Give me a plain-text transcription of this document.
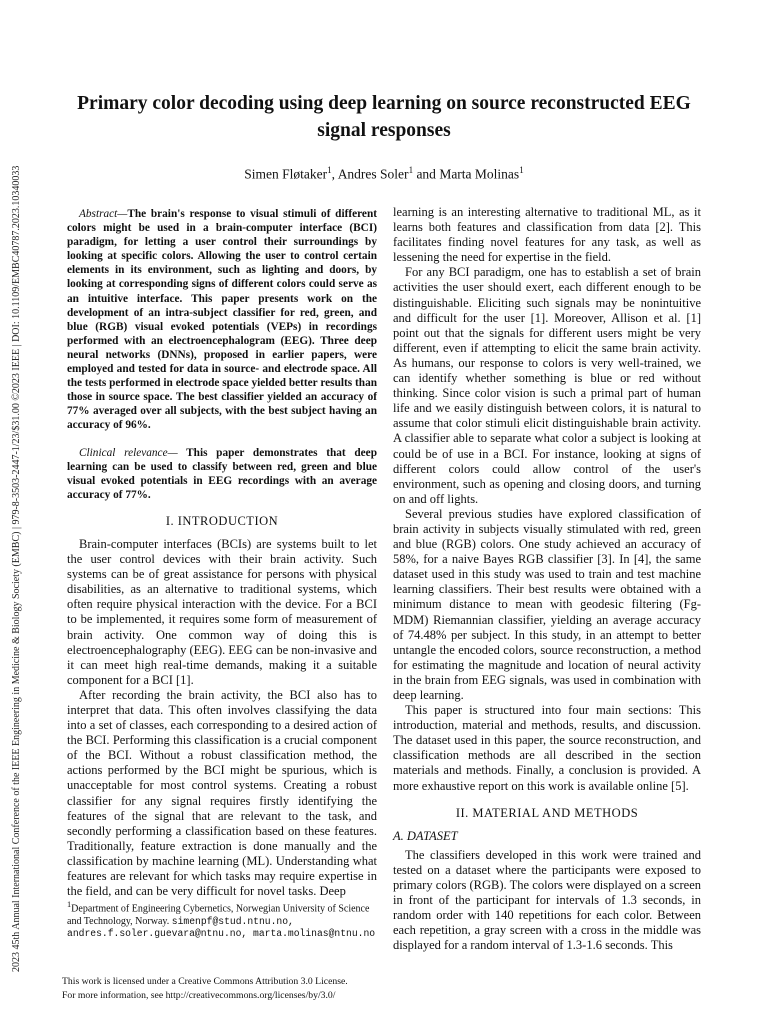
2023 45th Annual International Conference of the IEEE Engineering in Medicine & Biology Society (EMBC) | 979-8-3503-2447-1/23/$31.00 ©2023 IEEE | DOI: 10.1109/EMBC40787.2023.10340033
Primary color decoding using deep learning on source reconstructed EEG signal responses
Simen Fløtaker$^1$, Andres Soler$^1$ and Marta Molinas$^1$

Abstract—The brain's response to visual stimuli of different colors might be used in a brain-computer interface (BCI) paradigm, for letting a user control their surroundings by looking at specific colors. Allowing the user to control certain elements in its environment, such as lighting and doors, by looking at corresponding signs of different colors could serve as an intuitive interface. This paper presents work on the development of an intra-subject classifier for red, green, and blue (RGB) visual evoked potentials (VEPs) in recordings performed with an electroencephalogram (EEG). Three deep neural networks (DNNs), proposed in earlier papers, were employed and tested for data in source- and electrode space. All the tests performed in electrode space yielded better results than those in source space. The best classifier yielded an accuracy of 77% averaged over all subjects, with the best subject having an accuracy of 96%.

Clinical relevance— This paper demonstrates that deep learning can be used to classify between red, green and blue visual evoked potentials in EEG recordings with an average accuracy of 77%.

I. INTRODUCTION

Brain-computer interfaces (BCIs) are systems built to let the user control devices with their brain activity. Such systems can be of great assistance for persons with physical disabilities, as an alternative to traditional systems, which often require physical interaction with the device. For a BCI to be implemented, it requires some form of measurement of brain activity. One common way of doing this is electroencephalography (EEG). EEG can be non-invasive and it can meet high real-time demands, making it a suitable component for a BCI [1].

After recording the brain activity, the BCI also has to interpret that data. This often involves classifying the data into a set of classes, each corresponding to a desired action of the BCI. Performing this classification is a crucial component of the BCI. Without a robust classification method, the actions performed by the BCI might be spurious, which is unacceptable for most control systems. Creating a robust classifier for any signal requires firstly identifying the features of the signal that are relevant to the task, and secondly performing a classification based on these features. Traditionally, feature extraction is done manually and the classification by machine learning (ML). Understanding what features are relevant for which tasks may require expertise in the field, and can be very difficult for novel tasks. Deep

$^1$Department of Engineering Cybernetics, Norwegian University of Science and Technology, Norway. simenpf@stud.ntnu.no, andres.f.soler.guevara@ntnu.no, marta.molinas@ntnu.no
This work is licensed under a Creative Commons Attribution 3.0 License.
For more information, see http://creativecommons.org/licenses/by/3.0/

learning is an interesting alternative to traditional ML, as it learns both features and classification from data [2]. This facilitates finding novel features for any task, as well as lessening the need for expertise in the field.

For any BCI paradigm, one has to establish a set of brain activities the user should exert, each different enough to be distinguishable. Eliciting such signals may be nonintuitive and difficult for the user [1]. Moreover, Allison et al. [1] point out that the signals for different users might be very different, even if attempting to elicit the same brain activity. As humans, our response to colors is very well-trained, we can identify whether something is blue or red without thinking. Since color vision is such a primal part of human life and we easily distinguish between colors, it is natural to assume that color stimuli elicit distinguishable brain activity. A classifier able to separate what color a subject is looking at could be of use in a BCI. For instance, looking at signs of different colors could allow control of the user's environment, such as opening and closing doors, and turning on and off lights.

Several previous studies have explored classification of brain activity in subjects visually stimulated with red, green and blue (RGB) colors. One study achieved an accuracy of 58%, for a naive Bayes RGB classifier [3]. In [4], the same dataset used in this study was used to train and test machine learning classifiers. Their best results were obtained with a minimum distance to mean with geodesic filtering (Fg-MDM) Riemannian classifier, yielding an average accuracy of 74.48% per subject. In this study, in an attempt to better untangle the encoded colors, source reconstruction, a method for estimating the magnitude and location of neural activity in the brain from EEG signals, was used in combination with deep learning.

This paper is structured into four main sections: This introduction, material and methods, results, and discussion. The dataset used in this paper, the source reconstruction, and classification methods are all described in the section materials and methods. Finally, a conclusion is provided. A more exhaustive report on this work is available online [5].

II. MATERIAL AND METHODS
A. DATASET

The classifiers developed in this work were trained and tested on a dataset where the participants were exposed to primary colors (RGB). The colors were displayed on a screen in front of the participant for intervals of 1.3 seconds, in random order with 140 repetitions for each color. Between each repetition, a gray screen with a cross in the middle was displayed for a random interval of 1.3-1.6 seconds. This
